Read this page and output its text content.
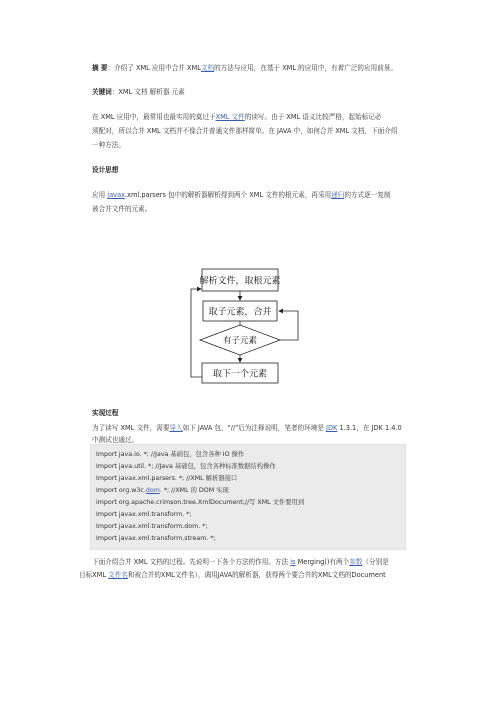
摘 要：介绍了 XML 应用中合并 XML文档的方法与应用，在基于 XML 的应用中，有着广泛的应用前景。
关键词：XML 文档 解析器 元素
在 XML 应用中，最常用也最实用的莫过于XML 文件的读写。由于 XML 语义比较严格，起始标记必
须配对，所以合并 XML 文档并不像合并普通文件那样简单。在 JAVA 中，如何合并 XML 文档，下面介绍
一种方法。
设计思想
应用 javax.xml.parsers 包中的解析器解析得到两个 XML 文件的根元素，再采用递归的方式逐一复制
被合并文件的元素。
解析文件，取根元素
取子元素，合并
有子元素
取下一个元素
实现过程
为了读写 XML 文件，需要导入如下 JAVA 包，"//"后为注释说明，笔者的环境是 JDK 1.3.1，在 JDK 1.4.0
中测试也通过。
Import java.io. *; //Java 基础包，包含各种 IO 操作
Import java.util. *; //Java 基础包，包含各种标准数据结构操作
Import javax.xml.parsers. *; //XML 解析器接口
Import org.w3c.dom. *; //XML 的 DOM 实现
import org.apache.crimson.tree.XmlDocument;//写 XML 文件要用到
Import javax.xml.transform. *;
Import javax.xml.transform.dom. *;
Import javax.xml.transform.stream. *;
下面介绍合并 XML 文档的过程。先说明一下各个方法的作用。方法 is Merging()有两个参数（分别是
目标XML 文件名和被合并的XML文件名），调用JAVA的解析器，获得两个要合并的XML文档的Document
